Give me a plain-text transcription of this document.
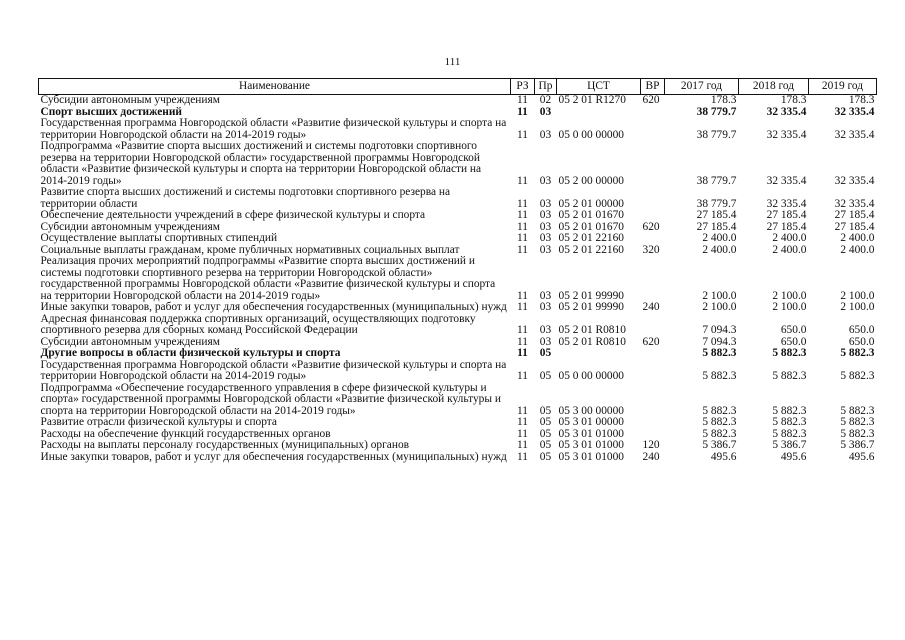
111
Наименование	РЗ	Пр	ЦСТ	ВР	2017 год	2018 год	2019 год
Субсидии автономным учреждениям	11	02	05 2 01 R1270	620	178.3	178.3	178.3
Спорт высших достижений	11	03			38 779.7	32 335.4	32 335.4
Государственная программа Новгородской области «Развитие физической культуры и спорта на территории Новгородской области на 2014-2019 годы»	11	03	05 0 00 00000		38 779.7	32 335.4	32 335.4
Подпрограмма «Развитие спорта высших достижений и системы подготовки спортивного резерва на территории Новгородской области» государственной программы Новгородской области «Развитие физической культуры и спорта на территории Новгородской области на 2014-2019 годы»	11	03	05 2 00 00000		38 779.7	32 335.4	32 335.4
Развитие спорта высших достижений и системы подготовки спортивного резерва на территории области	11	03	05 2 01 00000		38 779.7	32 335.4	32 335.4
Обеспечение деятельности учреждений в сфере физической культуры и спорта	11	03	05 2 01 01670		27 185.4	27 185.4	27 185.4
Субсидии автономным учреждениям	11	03	05 2 01 01670	620	27 185.4	27 185.4	27 185.4
Осуществление выплаты спортивных стипендий	11	03	05 2 01 22160		2 400.0	2 400.0	2 400.0
Социальные выплаты гражданам, кроме публичных нормативных социальных выплат	11	03	05 2 01 22160	320	2 400.0	2 400.0	2 400.0
Реализация прочих мероприятий подпрограммы «Развитие спорта высших достижений и системы подготовки спортивного резерва на территории Новгородской области» государственной программы Новгородской области «Развитие физической культуры и спорта на территории Новгородской области на 2014-2019 годы»	11	03	05 2 01 99990		2 100.0	2 100.0	2 100.0
Иные закупки товаров, работ и услуг для обеспечения государственных (муниципальных) нужд	11	03	05 2 01 99990	240	2 100.0	2 100.0	2 100.0
Адресная финансовая поддержка спортивных организаций, осуществляющих подготовку спортивного резерва для сборных команд Российской Федерации	11	03	05 2 01 R0810		7 094.3	650.0	650.0
Субсидии автономным учреждениям	11	03	05 2 01 R0810	620	7 094.3	650.0	650.0
Другие вопросы в области физической культуры и спорта	11	05			5 882.3	5 882.3	5 882.3
Государственная программа Новгородской области «Развитие физической культуры и спорта на территории Новгородской области на 2014-2019 годы»	11	05	05 0 00 00000		5 882.3	5 882.3	5 882.3
Подпрограмма «Обеспечение государственного управления в сфере физической культуры и спорта» государственной программы Новгородской области «Развитие физической культуры и спорта на территории Новгородской области на 2014-2019 годы»	11	05	05 3 00 00000		5 882.3	5 882.3	5 882.3
Развитие отрасли физической культуры и спорта	11	05	05 3 01 00000		5 882.3	5 882.3	5 882.3
Расходы на обеспечение функций государственных органов	11	05	05 3 01 01000		5 882.3	5 882.3	5 882.3
Расходы на выплаты персоналу государственных (муниципальных) органов	11	05	05 3 01 01000	120	5 386.7	5 386.7	5 386.7
Иные закупки товаров, работ и услуг для обеспечения государственных (муниципальных) нужд	11	05	05 3 01 01000	240	495.6	495.6	495.6
